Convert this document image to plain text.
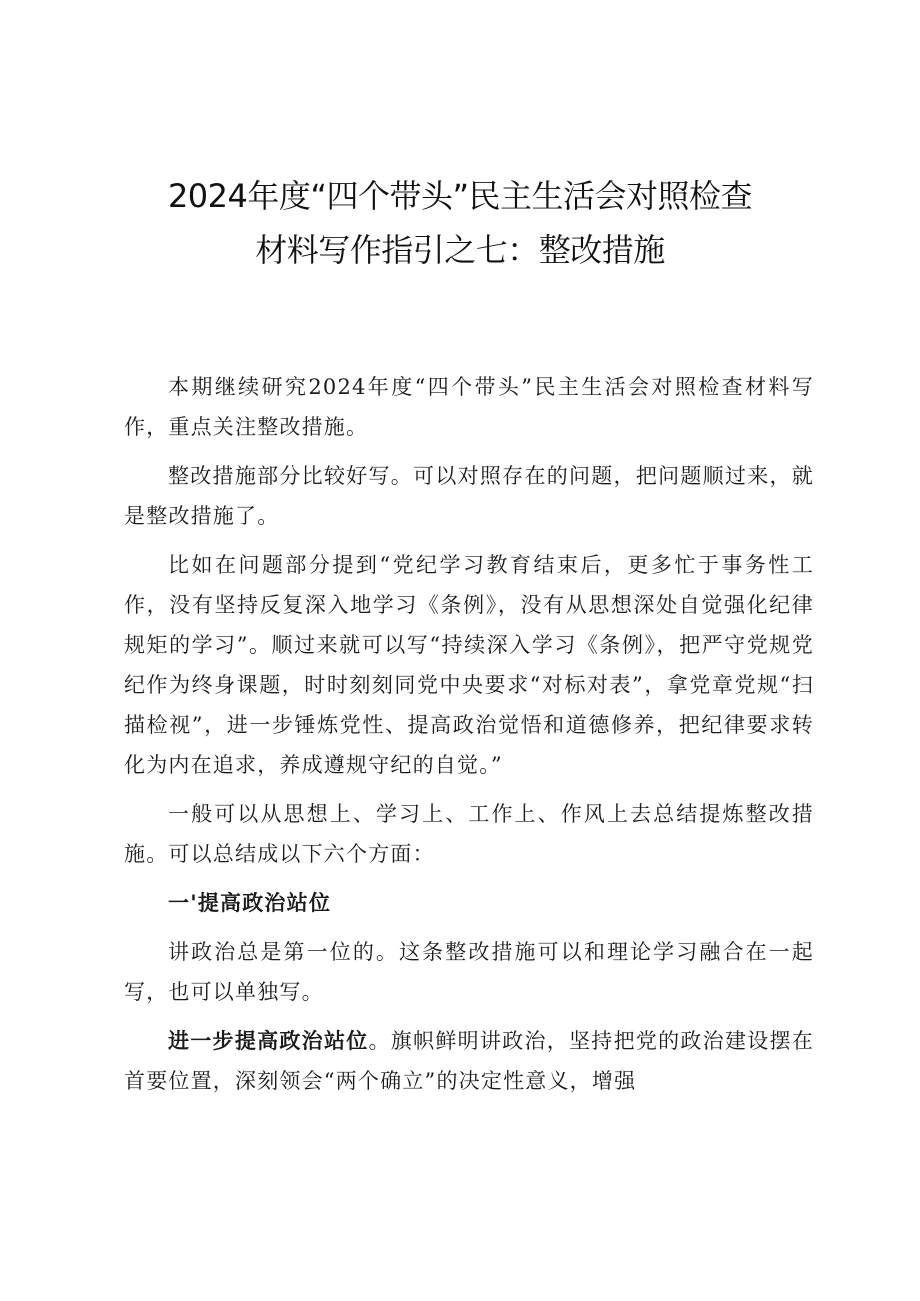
2024年度“四个带头”民主生活会对照检查
材料写作指引之七：整改措施

本期继续研究2024年度“四个带头”民主生活会对照检查材料写作，重点关注整改措施。

整改措施部分比较好写。可以对照存在的问题，把问题顺过来，就是整改措施了。

比如在问题部分提到“党纪学习教育结束后，更多忙于事务性工作，没有坚持反复深入地学习《条例》，没有从思想深处自觉强化纪律规矩的学习”。顺过来就可以写“持续深入学习《条例》，把严守党规党纪作为终身课题，时时刻刻同党中央要求“对标对表”，拿党章党规“扫描检视”，进一步锤炼党性、提高政治觉悟和道德修养，把纪律要求转化为内在追求，养成遵规守纪的自觉。”

一般可以从思想上、学习上、工作上、作风上去总结提炼整改措施。可以总结成以下六个方面：

一'提高政治站位

讲政治总是第一位的。这条整改措施可以和理论学习融合在一起写，也可以单独写。

进一步提高政治站位。旗帜鲜明讲政治，坚持把党的政治建设摆在首要位置，深刻领会“两个确立”的决定性意义，增强
